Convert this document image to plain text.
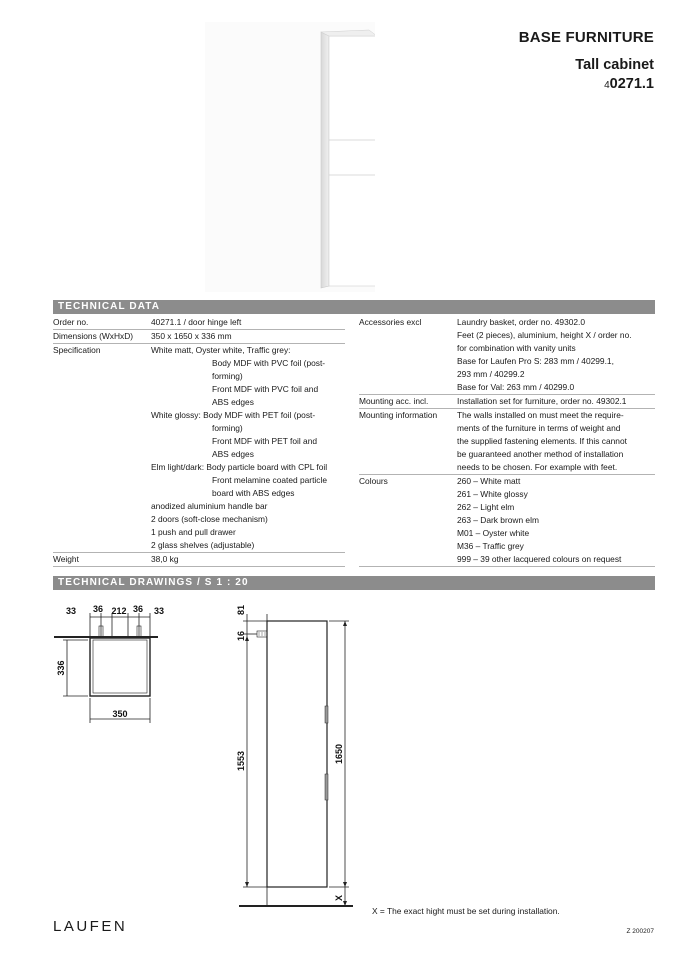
BASE FURNITURE
Tall cabinet
40271.1
TECHNICAL DATA
Order no.	40271.1 / door hinge left
Dimensions (WxHxD) 350 x 1650 x 336 mm
Specification	White matt, Oyster white, Traffic grey:
Body MDF with PVC foil (post-
forming)
Front MDF with PVC foil and
ABS edges
White glossy: Body MDF with PET foil (post-
forming)
Front MDF with PET foil and
ABS edges
Elm light/dark: Body particle board with CPL foil
Front melamine coated particle
board with ABS edges
anodized aluminium handle bar
2 doors (soft-close mechanism)
1 push and pull drawer
2 glass shelves (adjustable)
Weight	38,0 kg
Accessories excl	Laundry basket, order no. 49302.0
Feet (2 pieces), aluminium, height X / order no.
for combination with vanity units
Base for Laufen Pro S: 283 mm / 40299.1,
293 mm / 40299.2
Base for Val: 263 mm / 40299.0
Mounting acc. incl.	Installation set for furniture, order no. 49302.1
Mounting information The walls installed on must meet the require-
ments of the furniture in terms of weight and
the supplied fastening elements. If this cannot
be guaranteed another method of installation
needs to be chosen. For example with feet.
Colours	260 – White matt
261 – White glossy
262 – Light elm
263 – Dark brown elm
M01 – Oyster white
M36 – Traffic grey
999 – 39 other lacquered colours on request
TECHNICAL DRAWINGS / S 1 : 20
33 36 212 36 33
336
350
81
16
1553	1650
X
X = The exact hight must be set during installation.
LAUFEN	Z 200207
